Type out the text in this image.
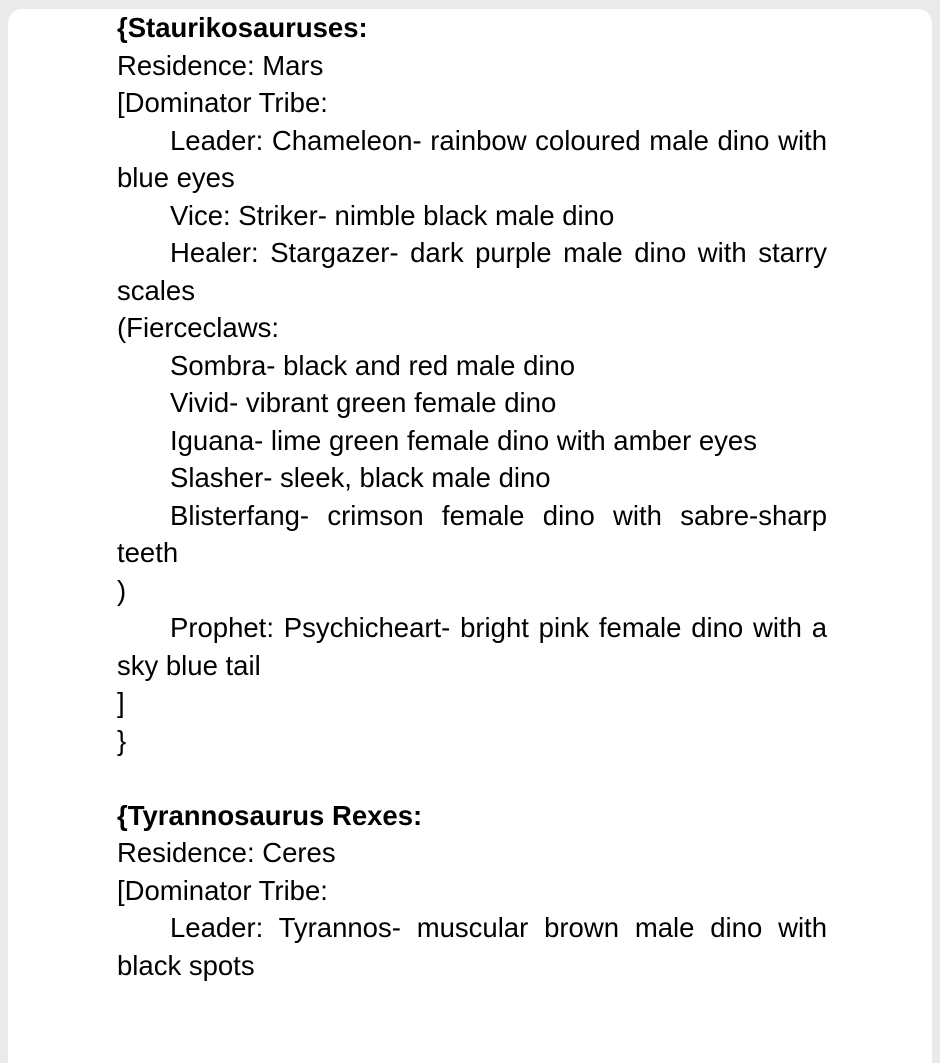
{Staurikosauruses:
Residence: Mars
[Dominator Tribe:
Leader: Chameleon- rainbow coloured male dino with
blue eyes
Vice: Striker- nimble black male dino
Healer: Stargazer- dark purple male dino with starry
scales
(Fierceclaws:
Sombra- black and red male dino
Vivid- vibrant green female dino
Iguana- lime green female dino with amber eyes
Slasher- sleek, black male dino
Blisterfang- crimson female dino with sabre-sharp
teeth
)
Prophet: Psychicheart- bright pink female dino with a
sky blue tail
]
}
{Tyrannosaurus Rexes:
Residence: Ceres
[Dominator Tribe:
Leader: Tyrannos- muscular brown male dino with
black spots
